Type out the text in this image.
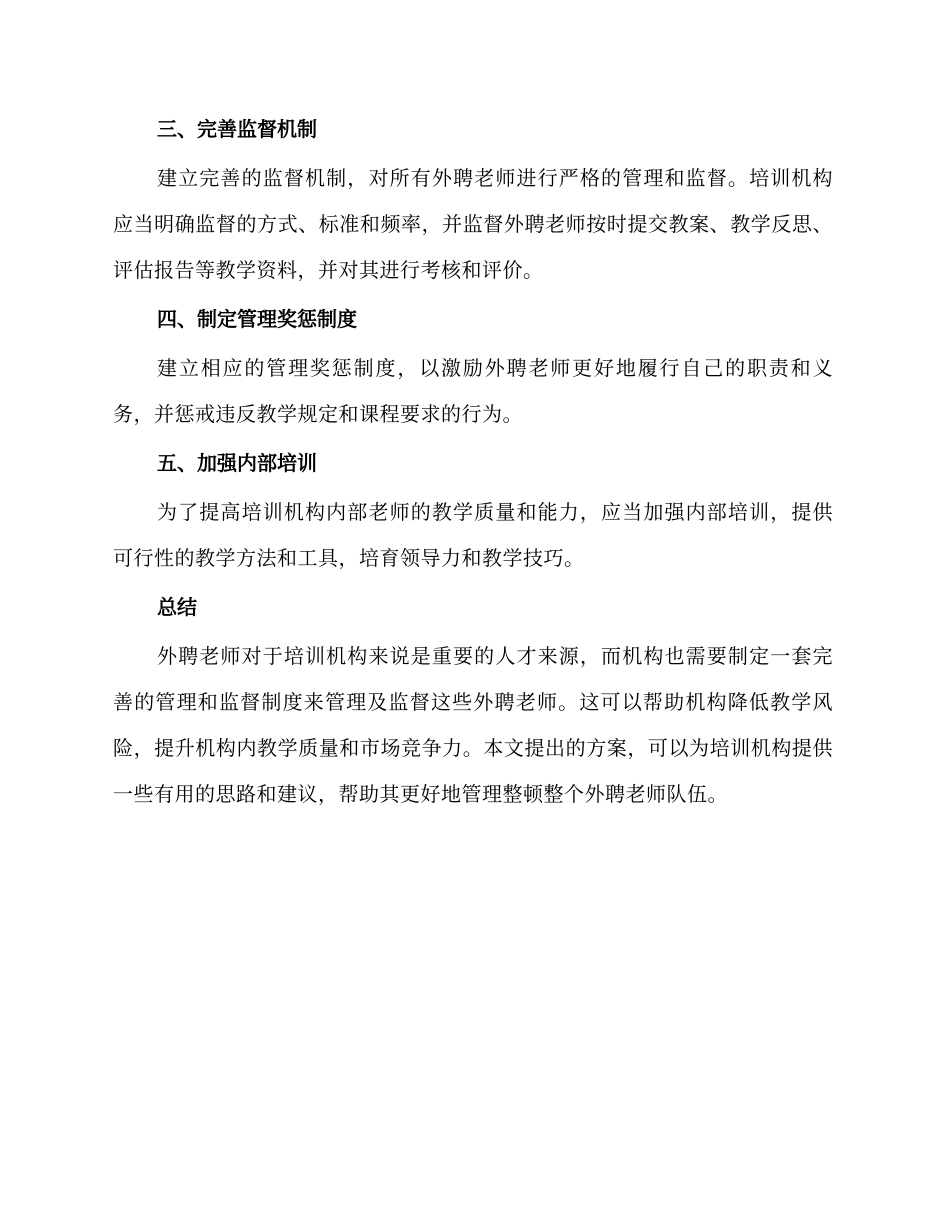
三、完善监督机制

建立完善的监督机制，对所有外聘老师进行严格的管理和监督。培训机构应当明确监督的方式、标准和频率，并监督外聘老师按时提交教案、教学反思、评估报告等教学资料，并对其进行考核和评价。

四、制定管理奖惩制度

建立相应的管理奖惩制度，以激励外聘老师更好地履行自己的职责和义务，并惩戒违反教学规定和课程要求的行为。

五、加强内部培训

为了提高培训机构内部老师的教学质量和能力，应当加强内部培训，提供可行性的教学方法和工具，培育领导力和教学技巧。

总结

外聘老师对于培训机构来说是重要的人才来源，而机构也需要制定一套完善的管理和监督制度来管理及监督这些外聘老师。这可以帮助机构降低教学风险，提升机构内教学质量和市场竞争力。本文提出的方案，可以为培训机构提供一些有用的思路和建议，帮助其更好地管理整顿整个外聘老师队伍。
